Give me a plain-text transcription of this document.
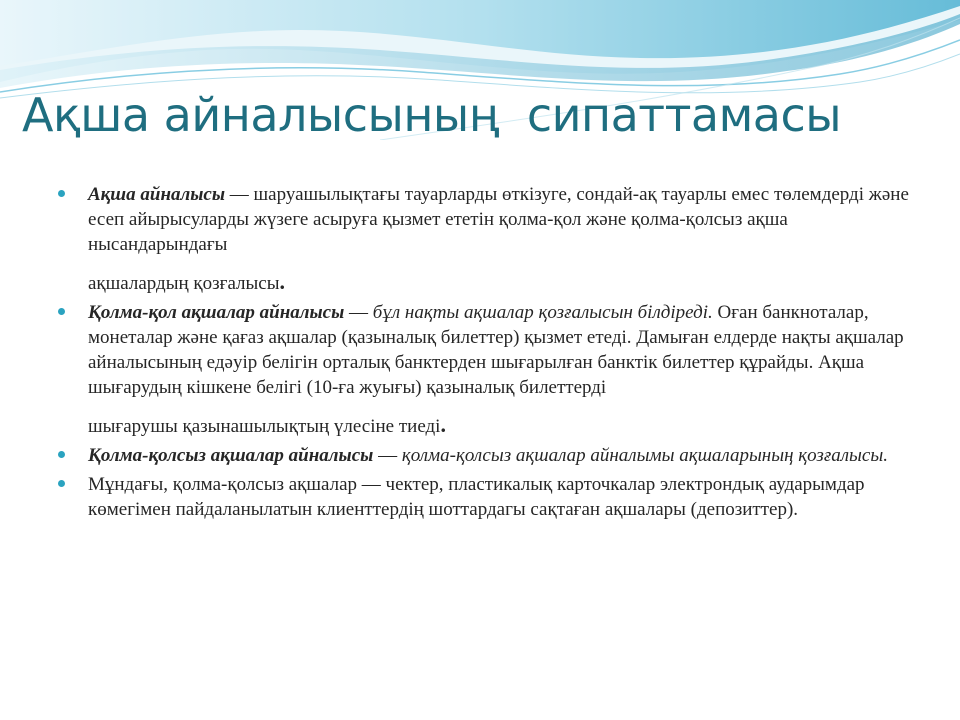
Ақша айналысының  сипаттамасы

Ақша айналысы — шаруашылықтағы тауарларды өткізуге, сондай-ақ тауарлы емес төлемдерді және есеп айырысуларды жүзеге асыруға қызмет ететін қолма-қол және қолма-қолсыз ақша нысандарындағы
ақшалардың қозғалысы.

Қолма-қол ақшалар айналысы — бұл нақты ақшалар қозғалысын білдіреді. Оған банкноталар, монеталар және қағаз ақшалар (қазыналық билеттер) қызмет етеді. Дамыған елдерде нақты ақшалар айналысының едәуір белігін орталық банктерден шығарылған банктік билеттер құрайды. Ақша шығарудың кішкене белігі (10-ға жуығы) қазыналық билеттерді
шығарушы қазынашылықтың үлесіне тиеді.

Қолма-қолсыз ақшалар айналысы — қолма-қолсыз ақшалар айналымы ақшаларының қозғалысы.

Мұндағы, қолма-қолсыз ақшалар — чектер, пластикалық карточкалар электрондық аударымдар көмегімен пайдаланылатын клиенттердің шоттардагы сақтаған ақшалары (депозиттер).
